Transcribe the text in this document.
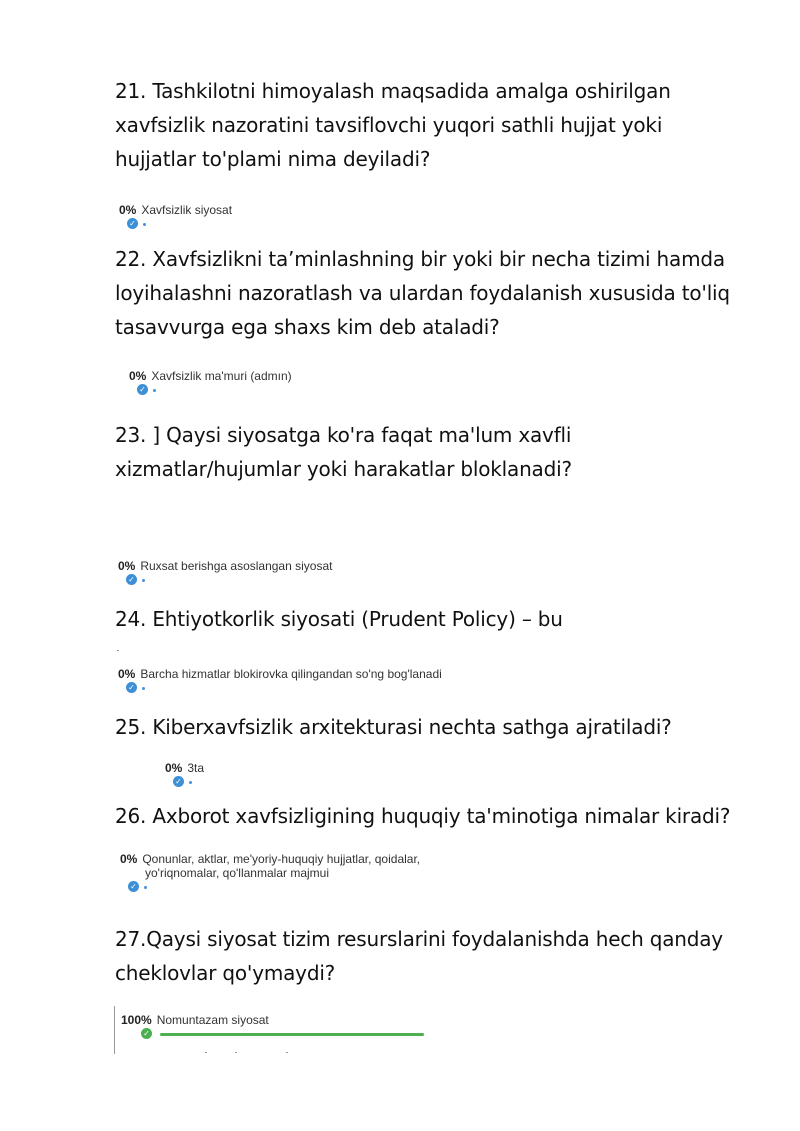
21. Tashkilotni himoyalash maqsadida amalga oshirilgan xavfsizlik nazoratini tavsiflovchi yuqori sathli hujjat yoki hujjatlar to'plami nima deyiladi?
22. Xavfsizlikni ta’minlashning bir yoki bir necha tizimi hamda loyihalashni nazoratlash va ulardan foydalanish xususida to'liq tasavvurga ega shaxs kim deb ataladi?
23. ] Qaysi siyosatga ko'ra faqat ma'lum xavfli xizmatlar/hujumlar yoki harakatlar bloklanadi?
24. Ehtiyotkorlik siyosati (Prudent Policy) – bu
25. Kiberxavfsizlik arxitekturasi nechta sathga ajratiladi?
26. Axborot xavfsizligining huquqiy ta'minotiga nimalar kiradi?
27.Qaysi siyosat tizim resurslarini foydalanishda hech qanday cheklovlar qo'ymaydi?
0% Xavfsizlik siyosat
✓
0% Xavfsizlik ma'muri (admın)
✓
0% Ruxsat berishga asoslangan siyosat
✓
0% Barcha hizmatlar blokirovka qilingandan so'ng bog'lanadi
✓
0% 3ta
✓
0% Qonunlar, aktlar, me'yoriy-huquqiy hujjatlar, qoidalar,
yo'riqnomalar, qo'llanmalar majmui
✓
100% Nomuntazam siyosat
✓
